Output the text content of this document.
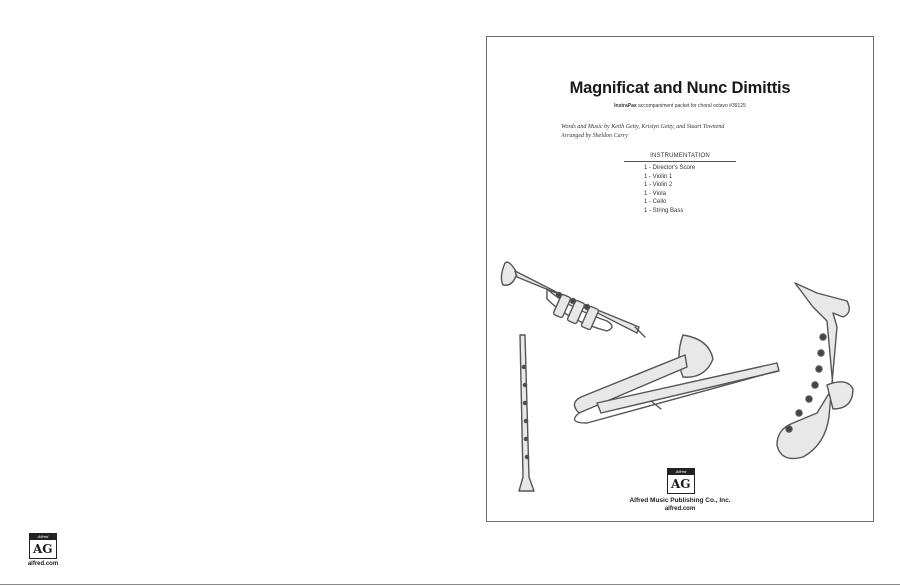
Alfred
AG
alfred.com
Magnificat and Nunc Dimittis
InstraPax accompaniment packet for choral octavo #39125
Words and Music by Keith Getty, Kristyn Getty, and Stuart Townend
Arranged by Sheldon Curry
INSTRUMENTATION
1 - Director's Score
1 - Violin 1
1 - Violin 2
1 - Viola
1 - Cello
1 - String Bass
Alfred
AG
Alfred Music Publishing Co., Inc.
alfred.com
